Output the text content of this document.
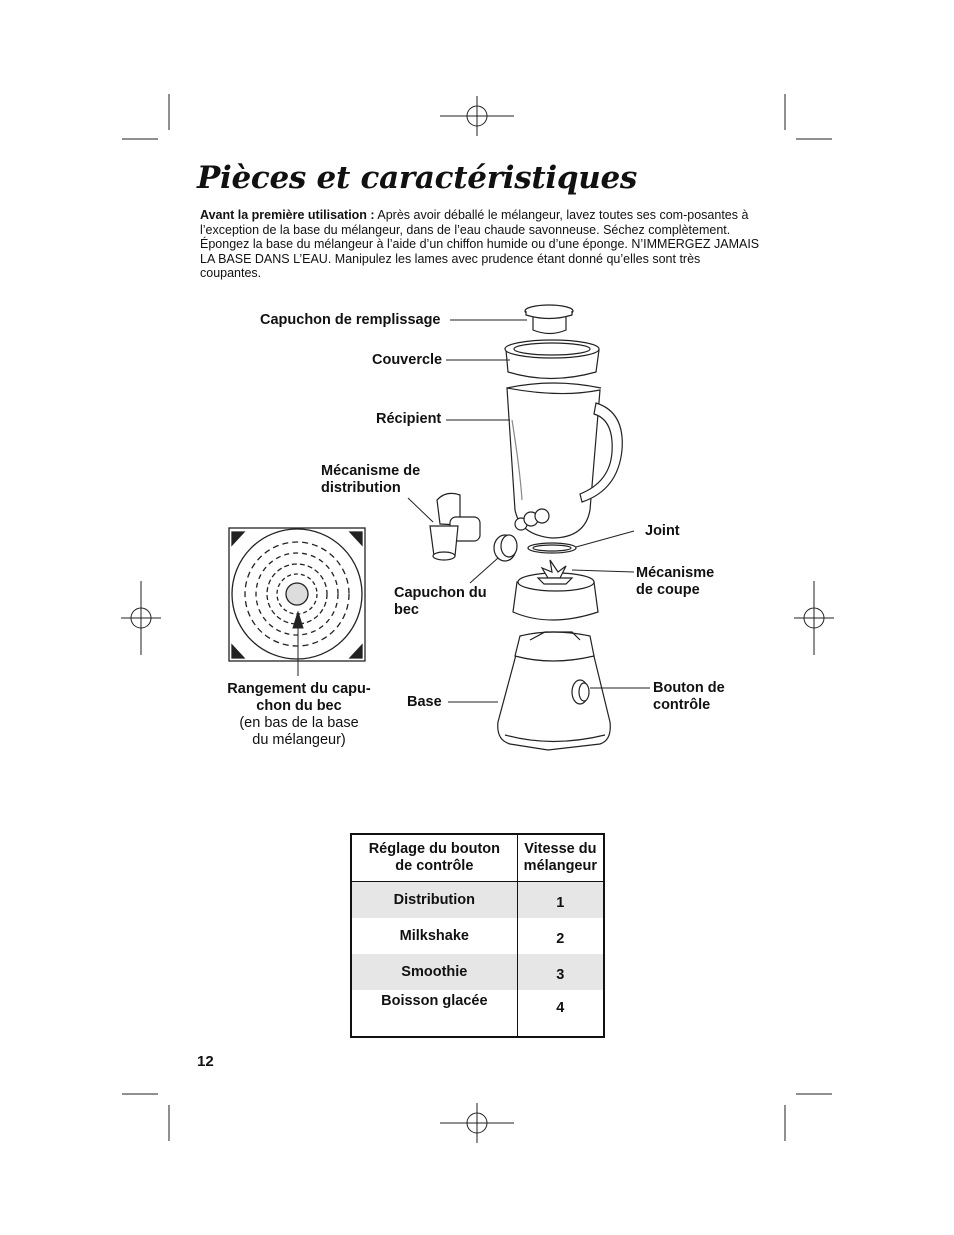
Pièces et caractéristiques

Avant la première utilisation : Après avoir déballé le mélangeur, lavez toutes ses com-posantes à l’exception de la base du mélangeur, dans de l’eau chaude savonneuse. Séchez complètement. Épongez la base du mélangeur à l’aide d’un chiffon humide ou d’une éponge. N’IMMERGEZ JAMAIS LA BASE DANS L’EAU. Manipulez les lames avec prudence étant donné qu’elles sont très coupantes.

Capuchon de remplissage
Couvercle
Récipient
Mécanisme de
distribution
Capuchon du
bec
Joint
Mécanisme
de coupe
Base
Bouton de
contrôle
Rangement du capu-
chon du bec
(en bas de la base
du mélangeur)
Réglage du bouton de contrôle	Vitesse du mélangeur
Distribution	1
Milkshake	2
Smoothie	3
Boisson glacée	4
12
